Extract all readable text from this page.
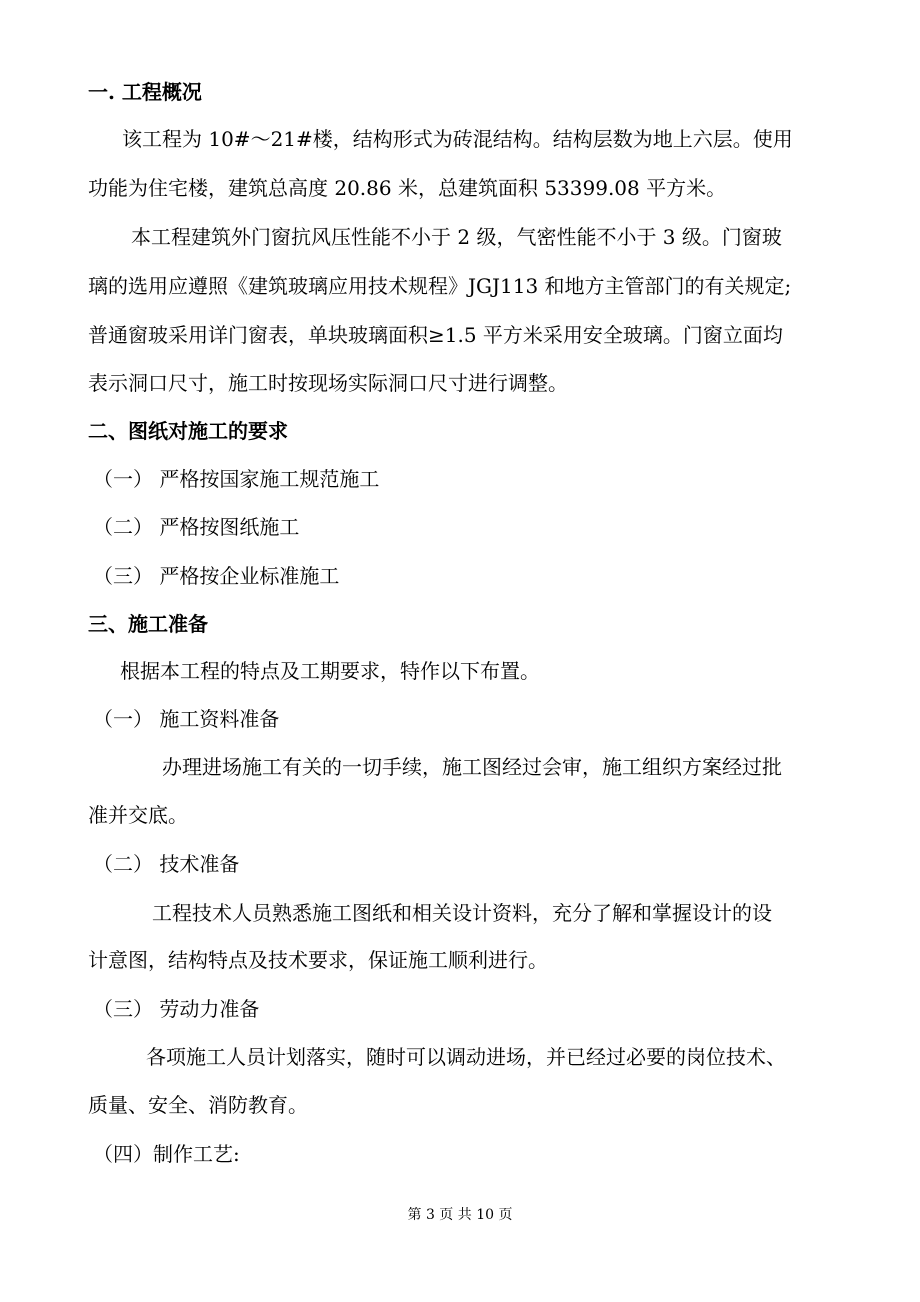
一. 工程概况
该工程为 10#～21#楼，结构形式为砖混结构。结构层数为地上六层。使用
功能为住宅楼，建筑总高度 20.86 米，总建筑面积 53399.08 平方米。
本工程建筑外门窗抗风压性能不小于 2 级，气密性能不小于 3 级。门窗玻
璃的选用应遵照《建筑玻璃应用技术规程》JGJ113 和地方主管部门的有关规定;
普通窗玻采用详门窗表，单块玻璃面积≥1.5 平方米采用安全玻璃。门窗立面均
表示洞口尺寸，施工时按现场实际洞口尺寸进行调整。
二、图纸对施工的要求
（一） 严格按国家施工规范施工
（二） 严格按图纸施工
（三） 严格按企业标准施工
三、施工准备
根据本工程的特点及工期要求，特作以下布置。
（一） 施工资料准备
办理进场施工有关的一切手续，施工图经过会审，施工组织方案经过批
准并交底。
（二） 技术准备
工程技术人员熟悉施工图纸和相关设计资料，充分了解和掌握设计的设
计意图，结构特点及技术要求，保证施工顺利进行。
（三） 劳动力准备
各项施工人员计划落实，随时可以调动进场，并已经过必要的岗位技术、
质量、安全、消防教育。
（四）制作工艺:
第 3 页 共 10 页
